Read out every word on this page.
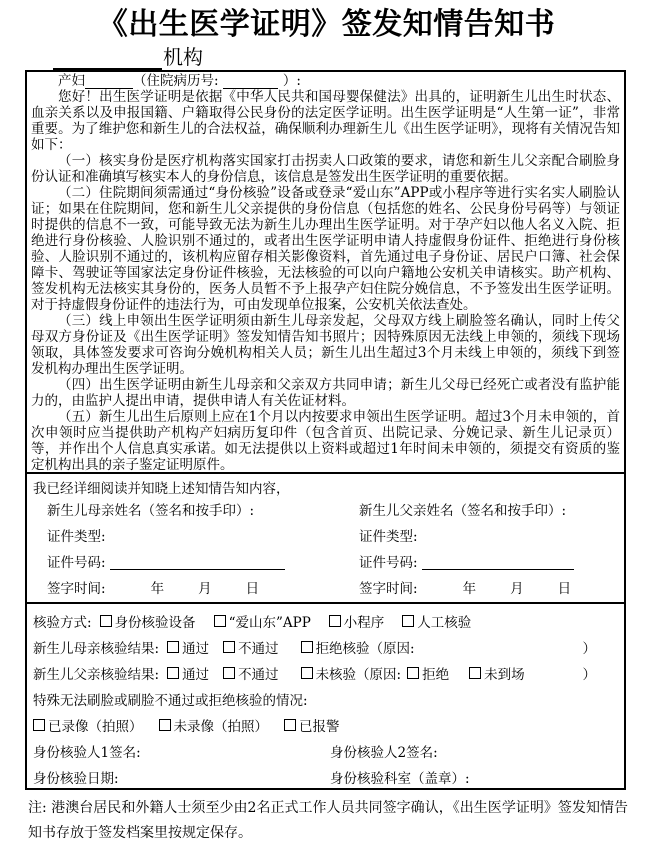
《出生医学证明》签发知情告知书
机构
产妇	（住院病历号:	）:

您好！出生医学证明是依据《中华人民共和国母婴保健法》出具的，证明新生儿出生时状态、血亲关系以及申报国籍、户籍取得公民身份的法定医学证明。出生医学证明是“人生第一证”，非常重要。为了维护您和新生儿的合法权益，确保顺利办理新生儿《出生医学证明》，现将有关情况告知如下：

（一）核实身份是医疗机构落实国家打击拐卖人口政策的要求，请您和新生儿父亲配合刷脸身份认证和准确填写核实本人的身份信息，该信息是签发出生医学证明的重要依据。

（二）住院期间须需通过“身份核验”设备或登录“爱山东”APP或小程序等进行实名实人刷脸认证；如果在住院期间，您和新生儿父亲提供的身份信息（包括您的姓名、公民身份号码等）与领证时提供的信息不一致，可能导致无法为新生儿办理出生医学证明。对于孕产妇以他人名义入院、拒绝进行身份核验、人脸识别不通过的，或者出生医学证明申请人持虚假身份证件、拒绝进行身份核验、人脸识别不通过的，该机构应留存相关影像资料，首先通过电子身份证、居民户口簿、社会保障卡、驾驶证等国家法定身份证件核验，无法核验的可以向户籍地公安机关申请核实。助产机构、签发机构无法核实其身份的，医务人员暂不予上报孕产妇住院分娩信息，不予签发出生医学证明。对于持虚假身份证件的违法行为，可由发现单位报案，公安机关依法查处。

（三）线上申领出生医学证明须由新生儿母亲发起，父母双方线上刷脸签名确认，同时上传父母双方身份证及《出生医学证明》签发知情告知书照片；因特殊原因无法线上申领的，须线下现场领取，具体签发要求可咨询分娩机构相关人员；新生儿出生超过3个月未线上申领的，须线下到签发机构办理出生医学证明。

（四）出生医学证明由新生儿母亲和父亲双方共同申请；新生儿父母已经死亡或者没有监护能力的，由监护人提出申请，提供申请人有关佐证材料。

（五）新生儿出生后原则上应在1个月以内按要求申领出生医学证明。超过3个月未申领的，首次申领时应当提供助产机构产妇病历复印件（包含首页、出院记录、分娩记录、新生儿记录页）等，并作出个人信息真实承诺。如无法提供以上资料或超过1年时间未申领的，须提交有资质的鉴定机构出具的亲子鉴定证明原件。

我已经详细阅读并知晓上述知情告知内容，
新生儿母亲姓名（签名和按手印）:
证件类型:
证件号码:
签字时间:	年	月	日
新生儿父亲姓名（签名和按手印）:
证件类型:
证件号码:
签字时间:	年	月	日
核验方式: 身份核验设备 “爱山东”APP 小程序 人工核验
新生儿母亲核验结果: 通过 不通过	拒绝核验（原因:	）
新生儿父亲核验结果: 通过 不通过	未核验（原因: 拒绝	未到场	）
特殊无法刷脸或刷脸不通过或拒绝核验的情况:
已录像（拍照） 未录像（拍照） 已报警
身份核验人1签名:	身份核验人2签名:
身份核验日期:	身份核验科室（盖章）:
注: 港澳台居民和外籍人士须至少由2名正式工作人员共同签字确认，《出生医学证明》签发知情告知书存放于签发档案里按规定保存。
